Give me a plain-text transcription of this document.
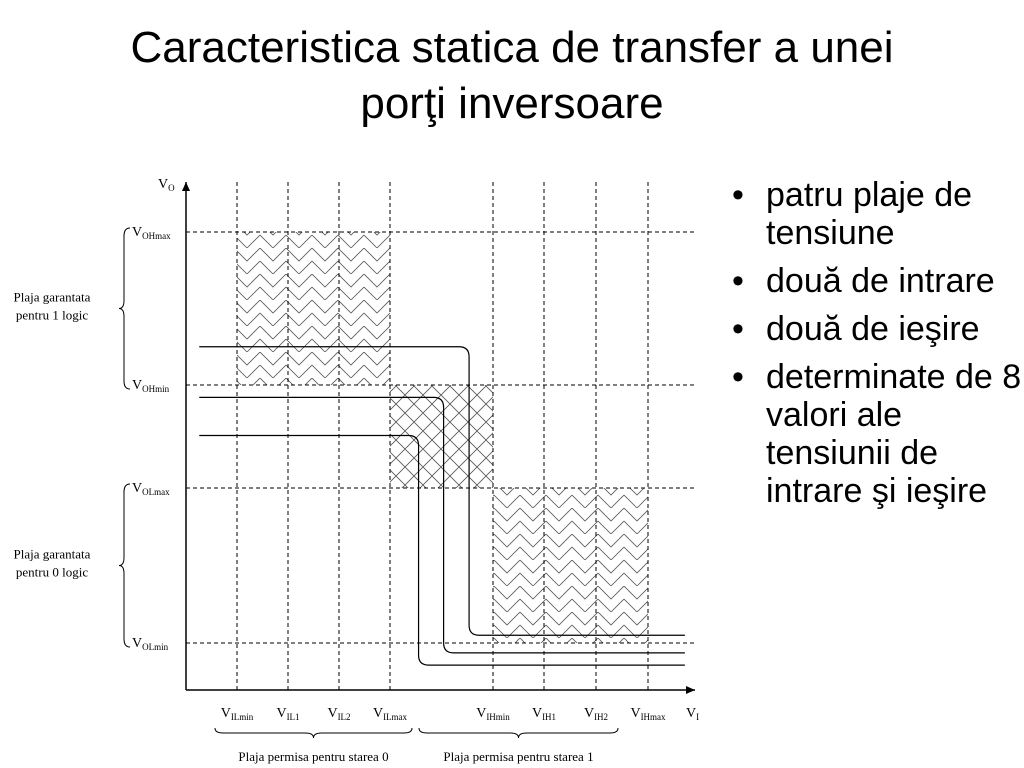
Caracteristica statica de transfer a unei
porţi inversoare
$V_{OHmax}$
$V_{OHmin}$
$V_{OLmax}$
$V_{OLmin}$
$V_O$
$V_{ILmin}$ $V_{IL1}$ $V_{IL2}$ $V_{ILmax}$	$V_{IHmin}$ $V_{IH1}$ $V_{IH2}$ $V_{IHmax}$ $V_I$
Plaja garantata
pentru 1 logic
Plaja garantata
pentru 0 logic
Plaja permisa pentru starea 0	Plaja permisa pentru starea 1
• patru plaje de tensiune
• două de intrare
• două de ieşire
• determinate de 8 valori ale tensiunii de intrare şi ieşire
